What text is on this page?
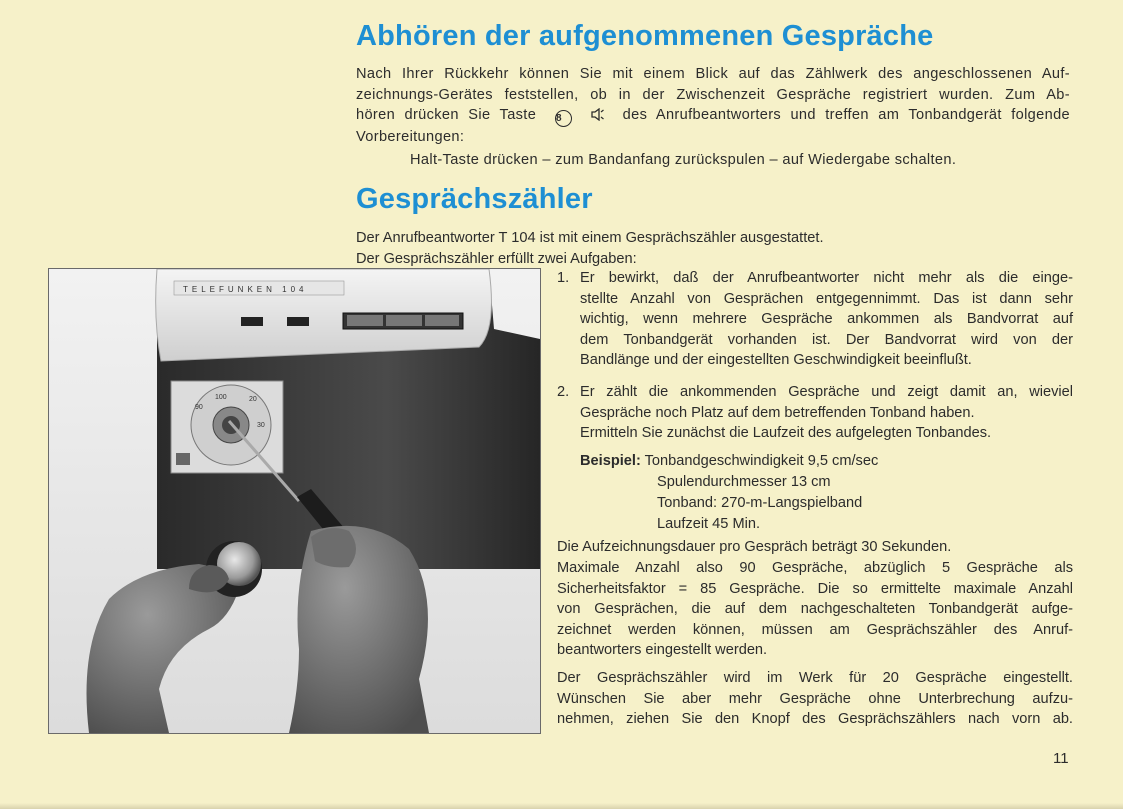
Abhören der aufgenommenen Gespräche
Nach Ihrer Rückkehr können Sie mit einem Blick auf das Zählwerk des angeschlossenen Auf-
zeichnungs-Gerätes feststellen, ob in der Zwischenzeit Gespräche registriert wurden. Zum Ab-
hören drücken Sie Taste 8	des Anrufbeantworters und treffen am Tonbandgerät folgende
Vorbereitungen:
Halt-Taste drücken – zum Bandanfang zurückspulen – auf Wiedergabe schalten.
Gesprächszähler
Der Anrufbeantworter T 104 ist mit einem Gesprächszähler ausgestattet.
Der Gesprächszähler erfüllt zwei Aufgaben:
TELEFUNKEN 104
100
90
20
30
1. Er bewirkt, daß der Anrufbeantworter nicht mehr als die einge-
stellte Anzahl von Gesprächen entgegennimmt. Das ist dann sehr
wichtig, wenn mehrere Gespräche ankommen als Bandvorrat auf
dem Tonbandgerät vorhanden ist. Der Bandvorrat wird von der
Bandlänge und der eingestellten Geschwindigkeit beeinflußt.
2. Er zählt die ankommenden Gespräche und zeigt damit an, wieviel
Gespräche noch Platz auf dem betreffenden Tonband haben.
Ermitteln Sie zunächst die Laufzeit des aufgelegten Tonbandes.
Beispiel: Tonbandgeschwindigkeit 9,5 cm/sec
Spulendurchmesser 13 cm
Tonband: 270-m-Langspielband
Laufzeit 45 Min.
Die Aufzeichnungsdauer pro Gespräch beträgt 30 Sekunden.
Maximale Anzahl also 90 Gespräche, abzüglich 5 Gespräche als
Sicherheitsfaktor = 85 Gespräche. Die so ermittelte maximale Anzahl
von Gesprächen, die auf dem nachgeschalteten Tonbandgerät aufge-
zeichnet werden können, müssen am Gesprächszähler des Anruf-
beantworters eingestellt werden.
Der Gesprächszähler wird im Werk für 20 Gespräche eingestellt.
Wünschen Sie aber mehr Gespräche ohne Unterbrechung aufzu-
nehmen, ziehen Sie den Knopf des Gesprächszählers nach vorn ab.
11
